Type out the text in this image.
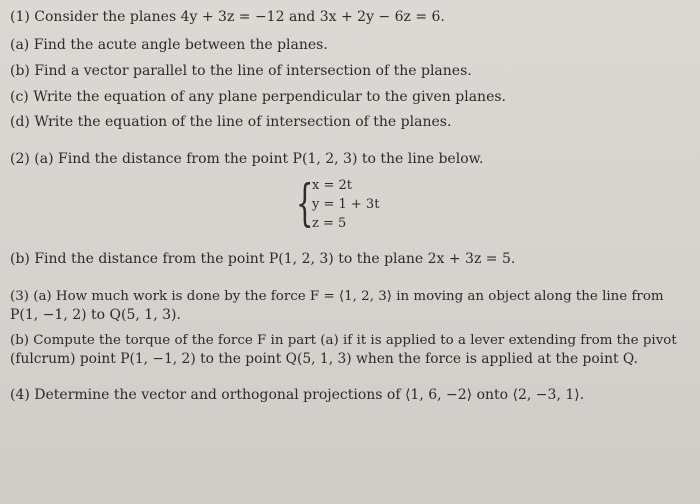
(1) Consider the planes 4y + 3z = −12 and 3x + 2y − 6z = 6.
(a) Find the acute angle between the planes.
(b) Find a vector parallel to the line of intersection of the planes.
(c) Write the equation of any plane perpendicular to the given planes.
(d) Write the equation of the line of intersection of the planes.
(2) (a) Find the distance from the point P(1, 2, 3) to the line below.
{
x = 2t
y = 1 + 3t
z = 5
(b) Find the distance from the point P(1, 2, 3) to the plane 2x + 3z = 5.
(3) (a) How much work is done by the force F = ⟨1, 2, 3⟩ in moving an object along the line from
P(1, −1, 2) to Q(5, 1, 3).
(b) Compute the torque of the force F in part (a) if it is applied to a lever extending from the pivot
(fulcrum) point P(1, −1, 2) to the point Q(5, 1, 3) when the force is applied at the point Q.
(4) Determine the vector and orthogonal projections of ⟨1, 6, −2⟩ onto ⟨2, −3, 1⟩.
